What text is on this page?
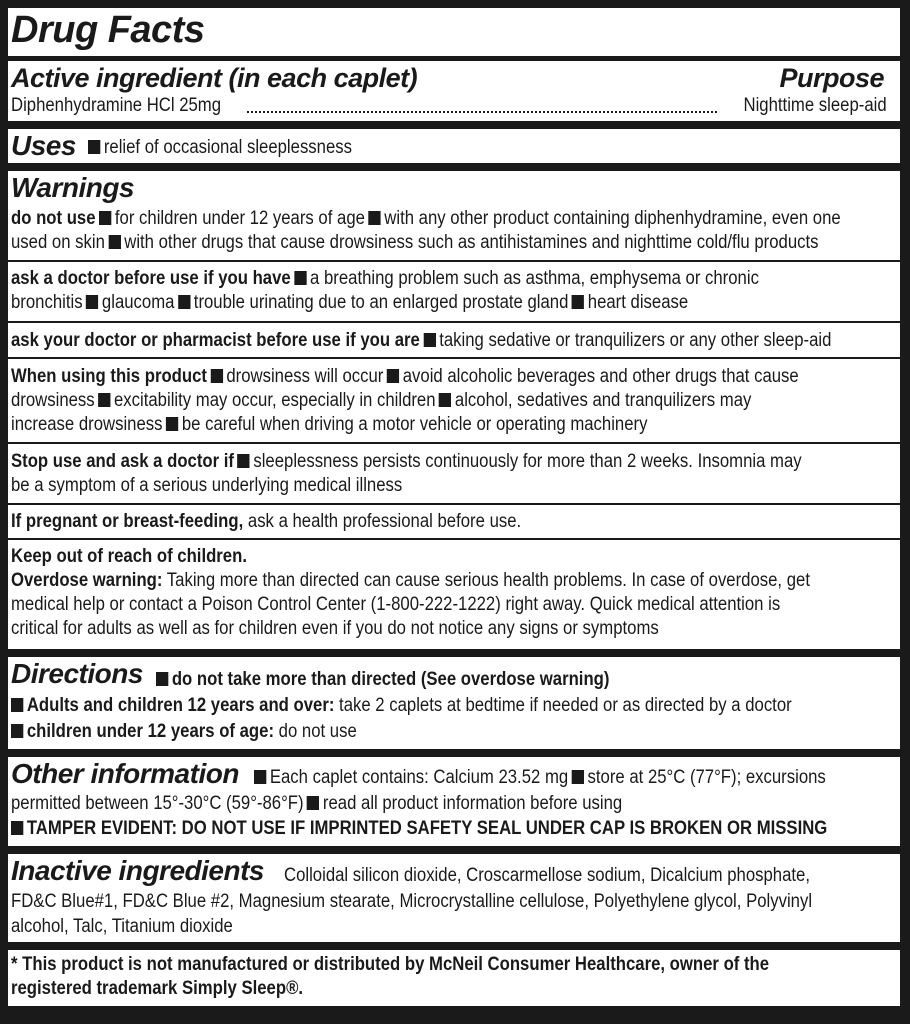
Drug Facts
Active ingredient (in each caplet)	Purpose
Diphenhydramine HCl 25mg	Nighttime sleep-aid
Uses	relief of occasional sleeplessness
Warnings
do not use for children under 12 years of age with any other product containing diphenhydramine, even one
used on skin with other drugs that cause drowsiness such as antihistamines and nighttime cold/flu products
ask a doctor before use if you have a breathing problem such as asthma, emphysema or chronic
bronchitis glaucoma trouble urinating due to an enlarged prostate gland heart disease
ask your doctor or pharmacist before use if you are taking sedative or tranquilizers or any other sleep-aid
When using this product drowsiness will occur avoid alcoholic beverages and other drugs that cause
drowsiness excitability may occur, especially in children alcohol, sedatives and tranquilizers may
increase drowsiness be careful when driving a motor vehicle or operating machinery
Stop use and ask a doctor if sleeplessness persists continuously for more than 2 weeks. Insomnia may
be a symptom of a serious underlying medical illness
If pregnant or breast-feeding, ask a health professional before use.
Keep out of reach of children.
Overdose warning: Taking more than directed can cause serious health problems. In case of overdose, get
medical help or contact a Poison Control Center (1-800-222-1222) right away. Quick medical attention is
critical for adults as well as for children even if you do not notice any signs or symptoms
Directions	do not take more than directed (See overdose warning)
Adults and children 12 years and over: take 2 caplets at bedtime if needed or as directed by a doctor
children under 12 years of age: do not use
Other information	Each caplet contains: Calcium 23.52 mg store at 25°C (77°F); excursions
permitted between 15°-30°C (59°-86°F) read all product information before using
TAMPER EVIDENT: DO NOT USE IF IMPRINTED SAFETY SEAL UNDER CAP IS BROKEN OR MISSING
Inactive ingredients Colloidal silicon dioxide, Croscarmellose sodium, Dicalcium phosphate,
FD&C Blue#1, FD&C Blue #2, Magnesium stearate, Microcrystalline cellulose, Polyethylene glycol, Polyvinyl
alcohol, Talc, Titanium dioxide
* This product is not manufactured or distributed by McNeil Consumer Healthcare, owner of the
registered trademark Simply Sleep®.
